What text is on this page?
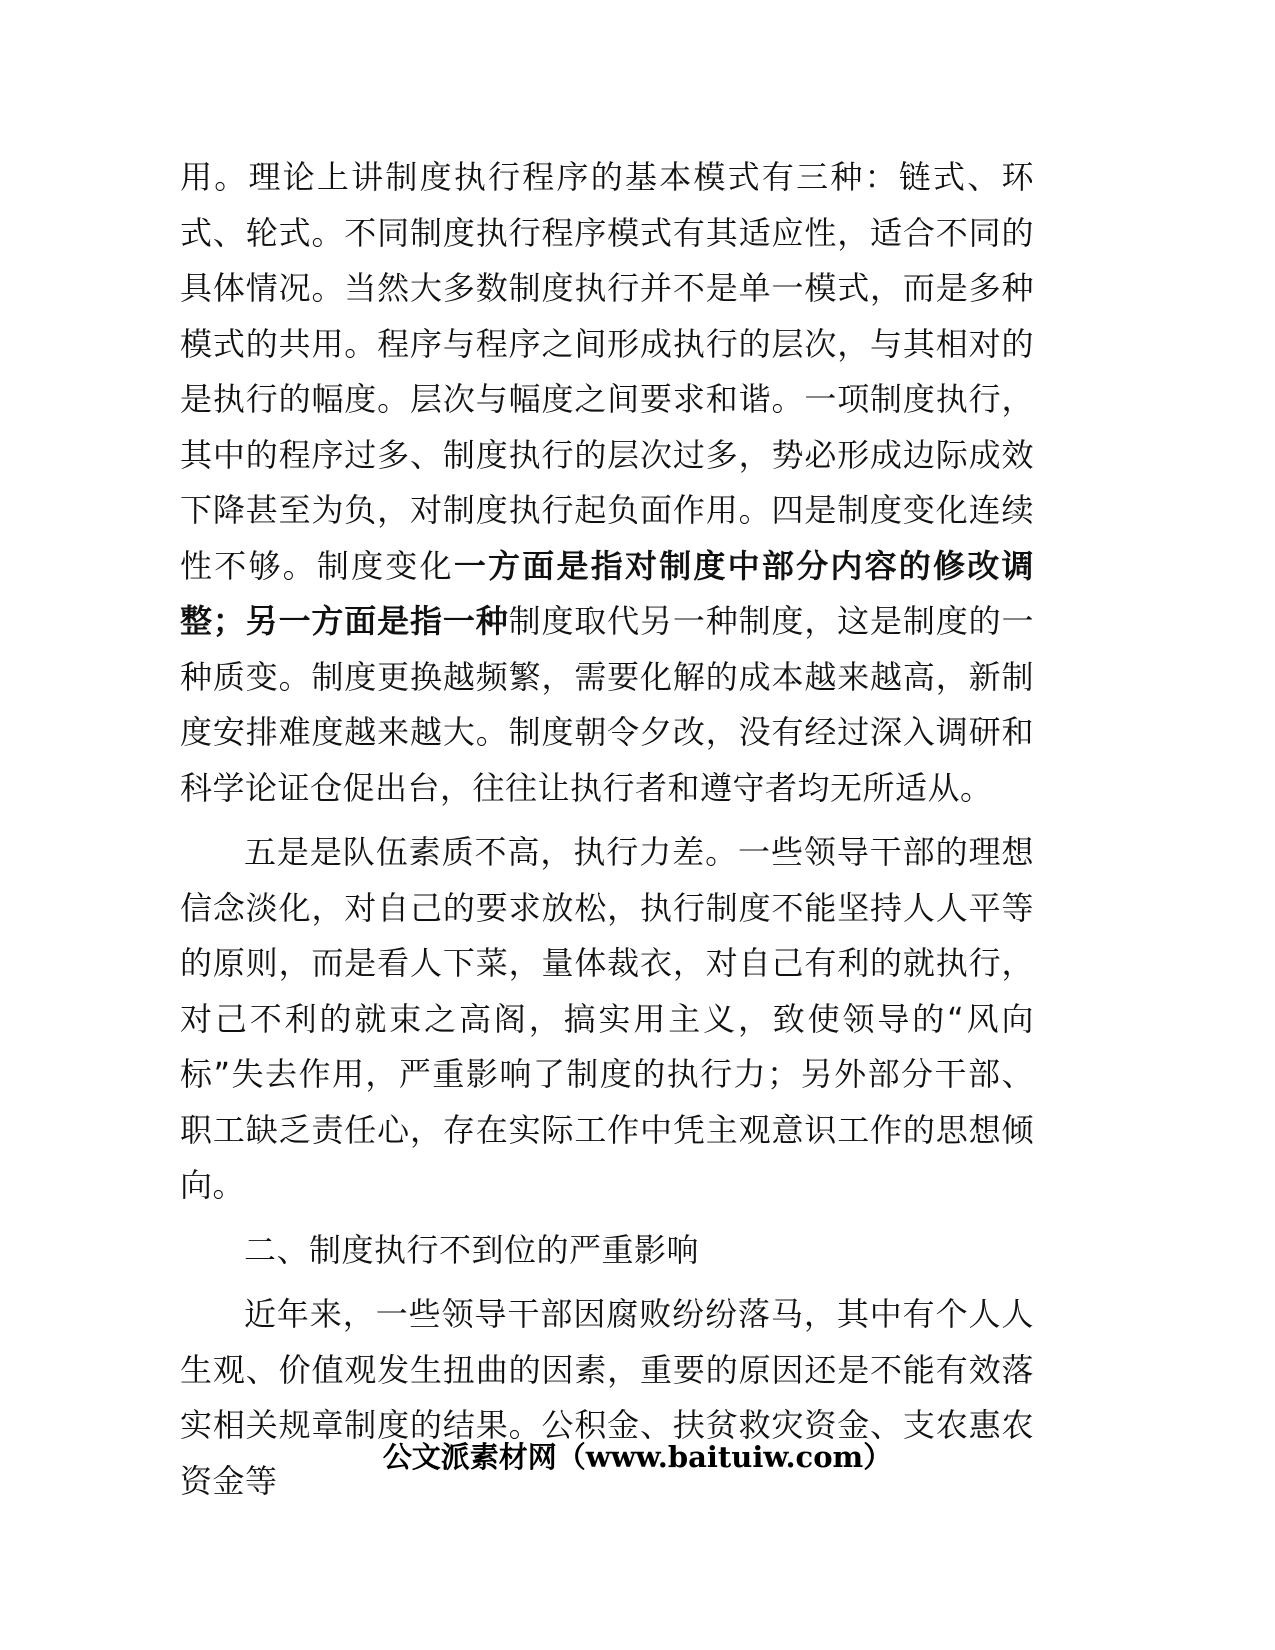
用。理论上讲制度执行程序的基本模式有三种：链式、环式、轮式。不同制度执行程序模式有其适应性，适合不同的具体情况。当然大多数制度执行并不是单一模式，而是多种模式的共用。程序与程序之间形成执行的层次，与其相对的是执行的幅度。层次与幅度之间要求和谐。一项制度执行，其中的程序过多、制度执行的层次过多，势必形成边际成效下降甚至为负，对制度执行起负面作用。四是制度变化连续性不够。制度变化一方面是指对制度中部分内容的修改调整；另一方面是指一种制度取代另一种制度，这是制度的一种质变。制度更换越频繁，需要化解的成本越来越高，新制度安排难度越来越大。制度朝令夕改，没有经过深入调研和科学论证仓促出台，往往让执行者和遵守者均无所适从。

五是是队伍素质不高，执行力差。一些领导干部的理想信念淡化，对自己的要求放松，执行制度不能坚持人人平等的原则，而是看人下菜，量体裁衣，对自己有利的就执行，对己不利的就束之高阁，搞实用主义，致使领导的“风向标”失去作用，严重影响了制度的执行力；另外部分干部、职工缺乏责任心，存在实际工作中凭主观意识工作的思想倾向。

二、制度执行不到位的严重影响

近年来，一些领导干部因腐败纷纷落马，其中有个人人生观、价值观发生扭曲的因素，重要的原因还是不能有效落实相关规章制度的结果。公积金、扶贫救灾资金、支农惠农资金等

公文派素材网（www.baituiw.com）
